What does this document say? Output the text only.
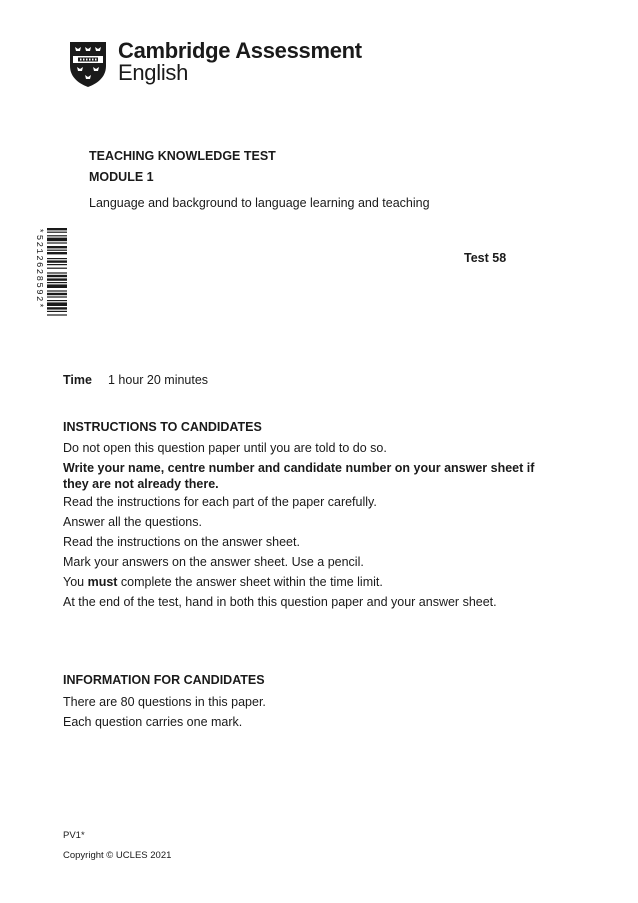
Cambridge Assessment
English
TEACHING KNOWLEDGE TEST
MODULE 1
Language and background to language learning and teaching
Test 58
*5212628592*
Time 1 hour 20 minutes
INSTRUCTIONS TO CANDIDATES
Do not open this question paper until you are told to do so.
Write your name, centre number and candidate number on your answer sheet if they are not already there.
Read the instructions for each part of the paper carefully.
Answer all the questions.
Read the instructions on the answer sheet.
Mark your answers on the answer sheet. Use a pencil.
You must complete the answer sheet within the time limit.
At the end of the test, hand in both this question paper and your answer sheet.
INFORMATION FOR CANDIDATES
There are 80 questions in this paper.
Each question carries one mark.
PV1*
Copyright © UCLES 2021
